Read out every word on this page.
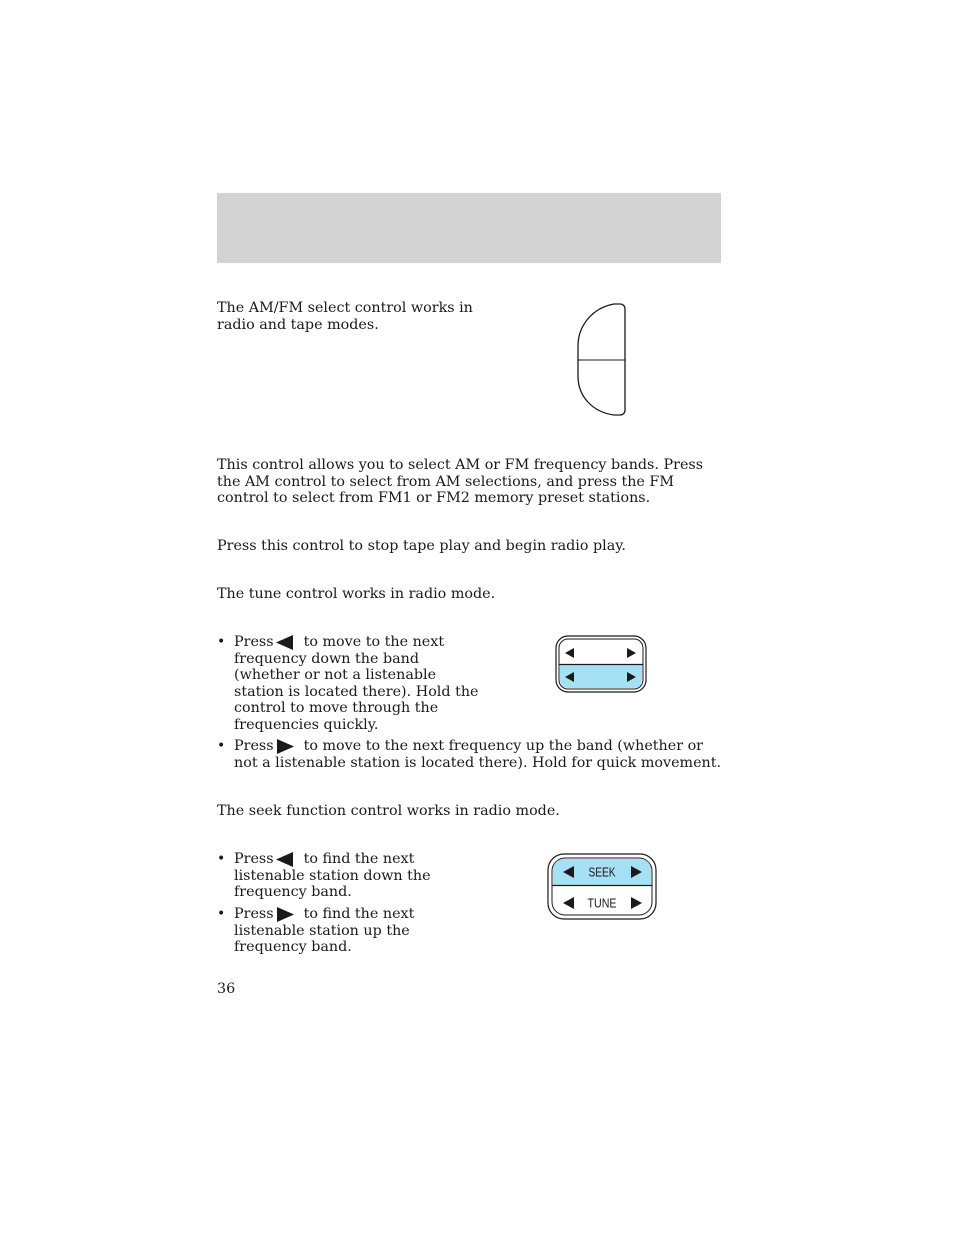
The AM/FM select control works in radio and tape modes.

This control allows you to select AM or FM frequency bands. Press the AM control to select from AM selections, and press the FM control to select from FM1 or FM2 memory preset stations.

Press this control to stop tape play and begin radio play.

The tune control works in radio mode.

• Press to move to the next frequency down the band (whether or not a listenable station is located there). Hold the control to move through the frequencies quickly.
• Press to move to the next frequency up the band (whether or not a listenable station is located there). Hold for quick movement.

The seek function control works in radio mode.

• Press to find the next listenable station down the frequency band.
• Press to find the next listenable station up the frequency band.
SEEK
TUNE
36
